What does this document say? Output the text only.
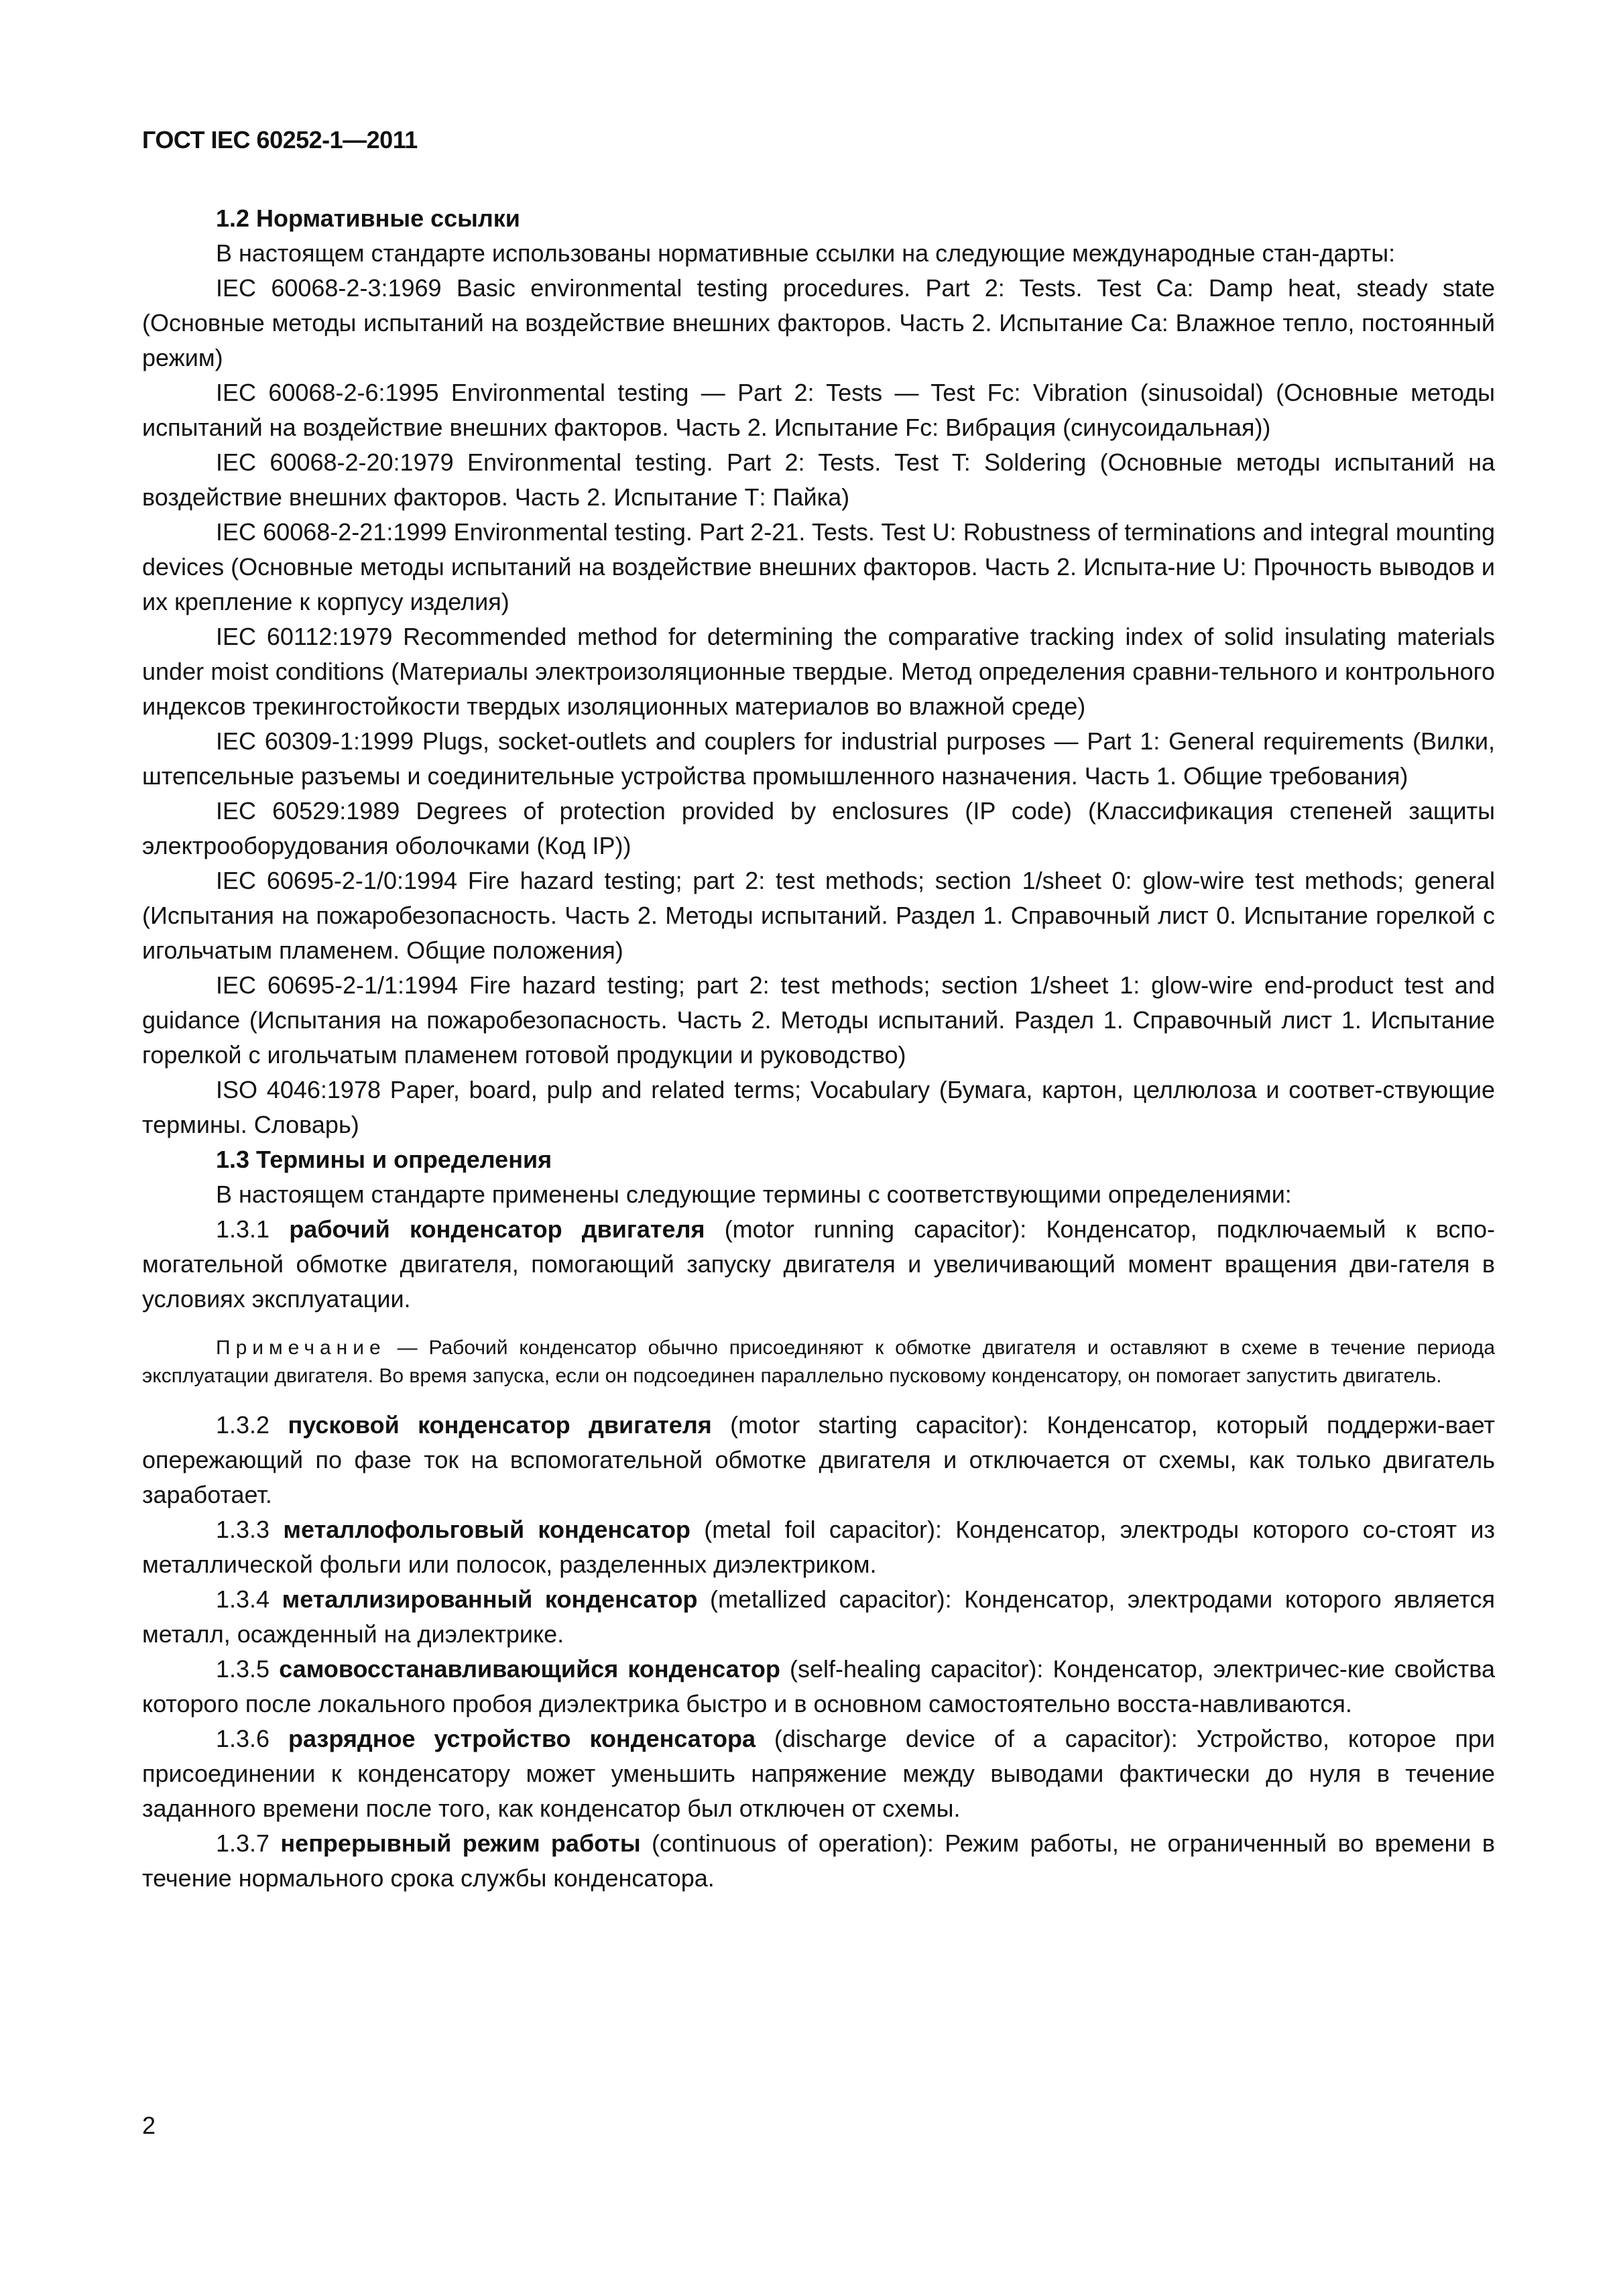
ГОСТ IEC 60252-1—2011

1.2 Нормативные ссылки

В настоящем стандарте использованы нормативные ссылки на следующие международные стан-дарты:

IEC 60068-2-3:1969 Basic environmental testing procedures. Part 2: Tests. Test Ca: Damp heat, steady state (Основные методы испытаний на воздействие внешних факторов. Часть 2. Испытание Са: Влажное тепло, постоянный режим)

IEC 60068-2-6:1995 Environmental testing — Part 2: Tests — Test Fc: Vibration (sinusoidal) (Основные методы испытаний на воздействие внешних факторов. Часть 2. Испытание Fc: Вибрация (синусоидальная))

IEC 60068-2-20:1979 Environmental testing. Part 2: Tests. Test T: Soldering (Основные методы испытаний на воздействие внешних факторов. Часть 2. Испытание Т: Пайка)

IEC 60068-2-21:1999 Environmental testing. Part 2-21. Tests. Test U: Robustness of terminations and integral mounting devices (Основные методы испытаний на воздействие внешних факторов. Часть 2. Испыта-ние U: Прочность выводов и их крепление к корпусу изделия)

IEC 60112:1979 Recommended method for determining the comparative tracking index of solid insulating materials under moist conditions (Материалы электроизоляционные твердые. Метод определения сравни-тельного и контрольного индексов трекингостойкости твердых изоляционных материалов во влажной среде)

IEC 60309-1:1999 Plugs, socket-outlets and couplers for industrial purposes — Part 1: General requirements (Вилки, штепсельные разъемы и соединительные устройства промышленного назначения. Часть 1. Общие требования)

IEC 60529:1989 Degrees of protection provided by enclosures (IP code) (Классификация степеней защиты электрооборудования оболочками (Код IP))

IEC 60695-2-1/0:1994 Fire hazard testing; part 2: test methods; section 1/sheet 0: glow-wire test methods; general (Испытания на пожаробезопасность. Часть 2. Методы испытаний. Раздел 1. Справочный лист 0. Испытание горелкой с игольчатым пламенем. Общие положения)

IEC 60695-2-1/1:1994 Fire hazard testing; part 2: test methods; section 1/sheet 1: glow-wire end-product test and guidance (Испытания на пожаробезопасность. Часть 2. Методы испытаний. Раздел 1. Справочный лист 1. Испытание горелкой с игольчатым пламенем готовой продукции и руководство)

ISO 4046:1978 Paper, board, pulp and related terms; Vocabulary (Бумага, картон, целлюлоза и соответ-ствующие термины. Словарь)

1.3 Термины и определения

В настоящем стандарте применены следующие термины с соответствующими определениями:

1.3.1 рабочий конденсатор двигателя (motor running capacitor): Конденсатор, подключаемый к вспо-могательной обмотке двигателя, помогающий запуску двигателя и увеличивающий момент вращения дви-гателя в условиях эксплуатации.

Примечание — Рабочий конденсатор обычно присоединяют к обмотке двигателя и оставляют в схеме в течение периода эксплуатации двигателя. Во время запуска, если он подсоединен параллельно пусковому конденсатору, он помогает запустить двигатель.

1.3.2 пусковой конденсатор двигателя (motor starting capacitor): Конденсатор, который поддержи-вает опережающий по фазе ток на вспомогательной обмотке двигателя и отключается от схемы, как только двигатель заработает.

1.3.3 металлофольговый конденсатор (metal foil capacitor): Конденсатор, электроды которого со-стоят из металлической фольги или полосок, разделенных диэлектриком.

1.3.4 металлизированный конденсатор (metallized capacitor): Конденсатор, электродами которого является металл, осажденный на диэлектрике.

1.3.5 самовосстанавливающийся конденсатор (self-healing capacitor): Конденсатор, электричес-кие свойства которого после локального пробоя диэлектрика быстро и в основном самостоятельно восста-навливаются.

1.3.6 разрядное устройство конденсатора (discharge device of a capacitor): Устройство, которое при присоединении к конденсатору может уменьшить напряжение между выводами фактически до нуля в течение заданного времени после того, как конденсатор был отключен от схемы.

1.3.7 непрерывный режим работы (continuous of operation): Режим работы, не ограниченный во времени в течение нормального срока службы конденсатора.

2
